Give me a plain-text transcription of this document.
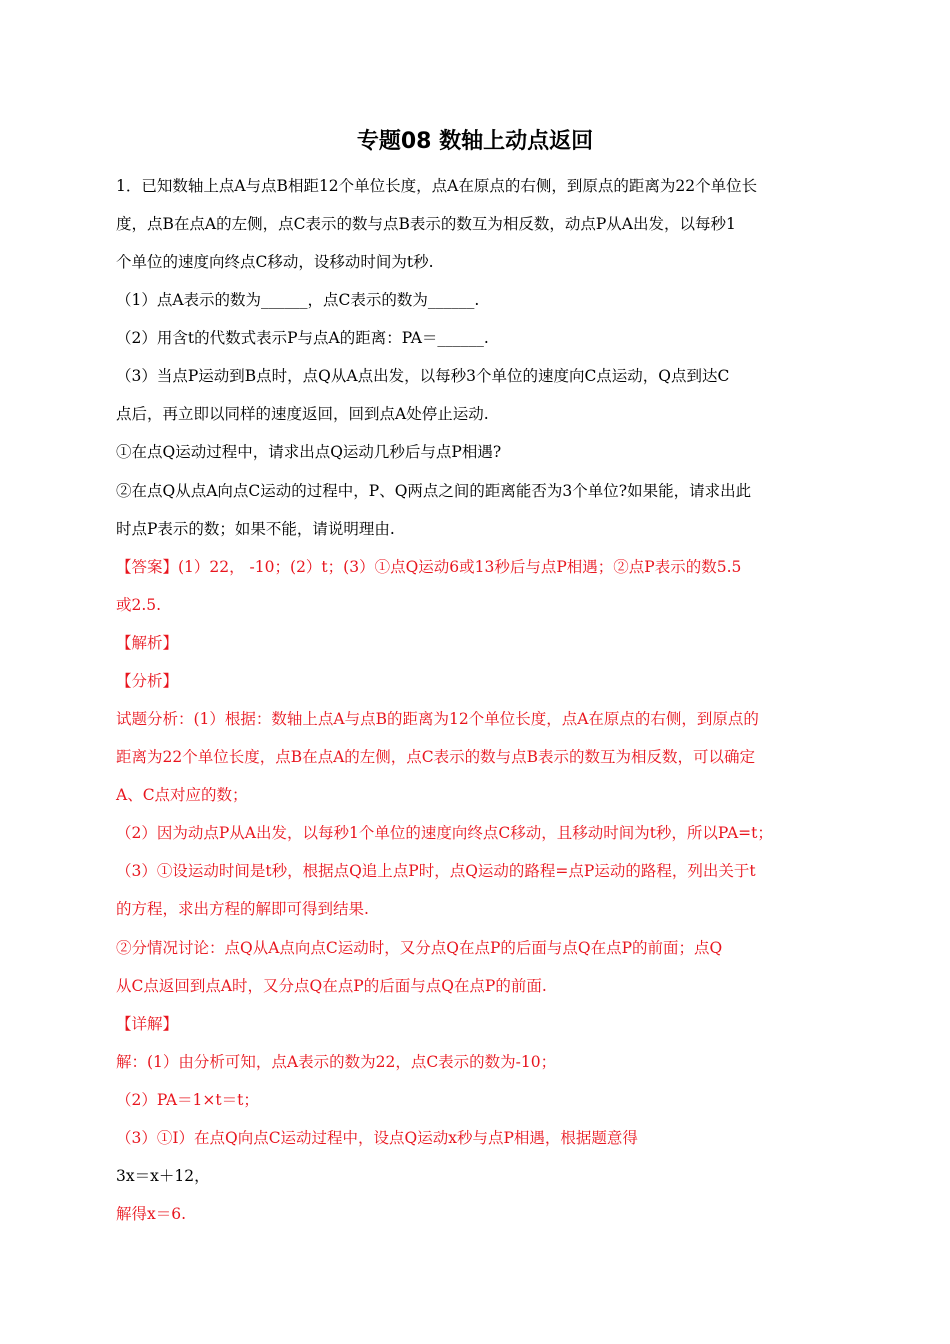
专题08 数轴上动点返回
1．已知数轴上点A与点B相距12个单位长度，点A在原点的右侧，到原点的距离为22个单位长
度，点B在点A的左侧，点C表示的数与点B表示的数互为相反数，动点P从A出发，以每秒1
个单位的速度向终点C移动，设移动时间为t秒.
（1）点A表示的数为______，点C表示的数为______.
（2）用含t的代数式表示P与点A的距离：PA＝______.
（3）当点P运动到B点时，点Q从A点出发，以每秒3个单位的速度向C点运动，Q点到达C
点后，再立即以同样的速度返回，回到点A处停止运动.
①在点Q运动过程中，请求出点Q运动几秒后与点P相遇?
②在点Q从点A向点C运动的过程中，P、Q两点之间的距离能否为3个单位?如果能，请求出此
时点P表示的数；如果不能，请说明理由.
【答案】(1）22， -10；(2）t；(3）①点Q运动6或13秒后与点P相遇；②点P表示的数5.5
或2.5.
【解析】
【分析】
试题分析：(1）根据：数轴上点A与点B的距离为12个单位长度，点A在原点的右侧，到原点的
距离为22个单位长度，点B在点A的左侧，点C表示的数与点B表示的数互为相反数，可以确定
A、C点对应的数；
（2）因为动点P从A出发，以每秒1个单位的速度向终点C移动，且移动时间为t秒，所以PA=t；
（3）①设运动时间是t秒，根据点Q追上点P时，点Q运动的路程=点P运动的路程，列出关于t
的方程，求出方程的解即可得到结果.
②分情况讨论：点Q从A点向点C运动时，又分点Q在点P的后面与点Q在点P的前面；点Q
从C点返回到点A时，又分点Q在点P的后面与点Q在点P的前面.
【详解】
解：(1）由分析可知，点A表示的数为22，点C表示的数为-10；
（2）PA＝1×t＝t；
（3）①Ⅰ）在点Q向点C运动过程中，设点Q运动x秒与点P相遇，根据题意得
3x＝x＋12，
解得x＝6.
